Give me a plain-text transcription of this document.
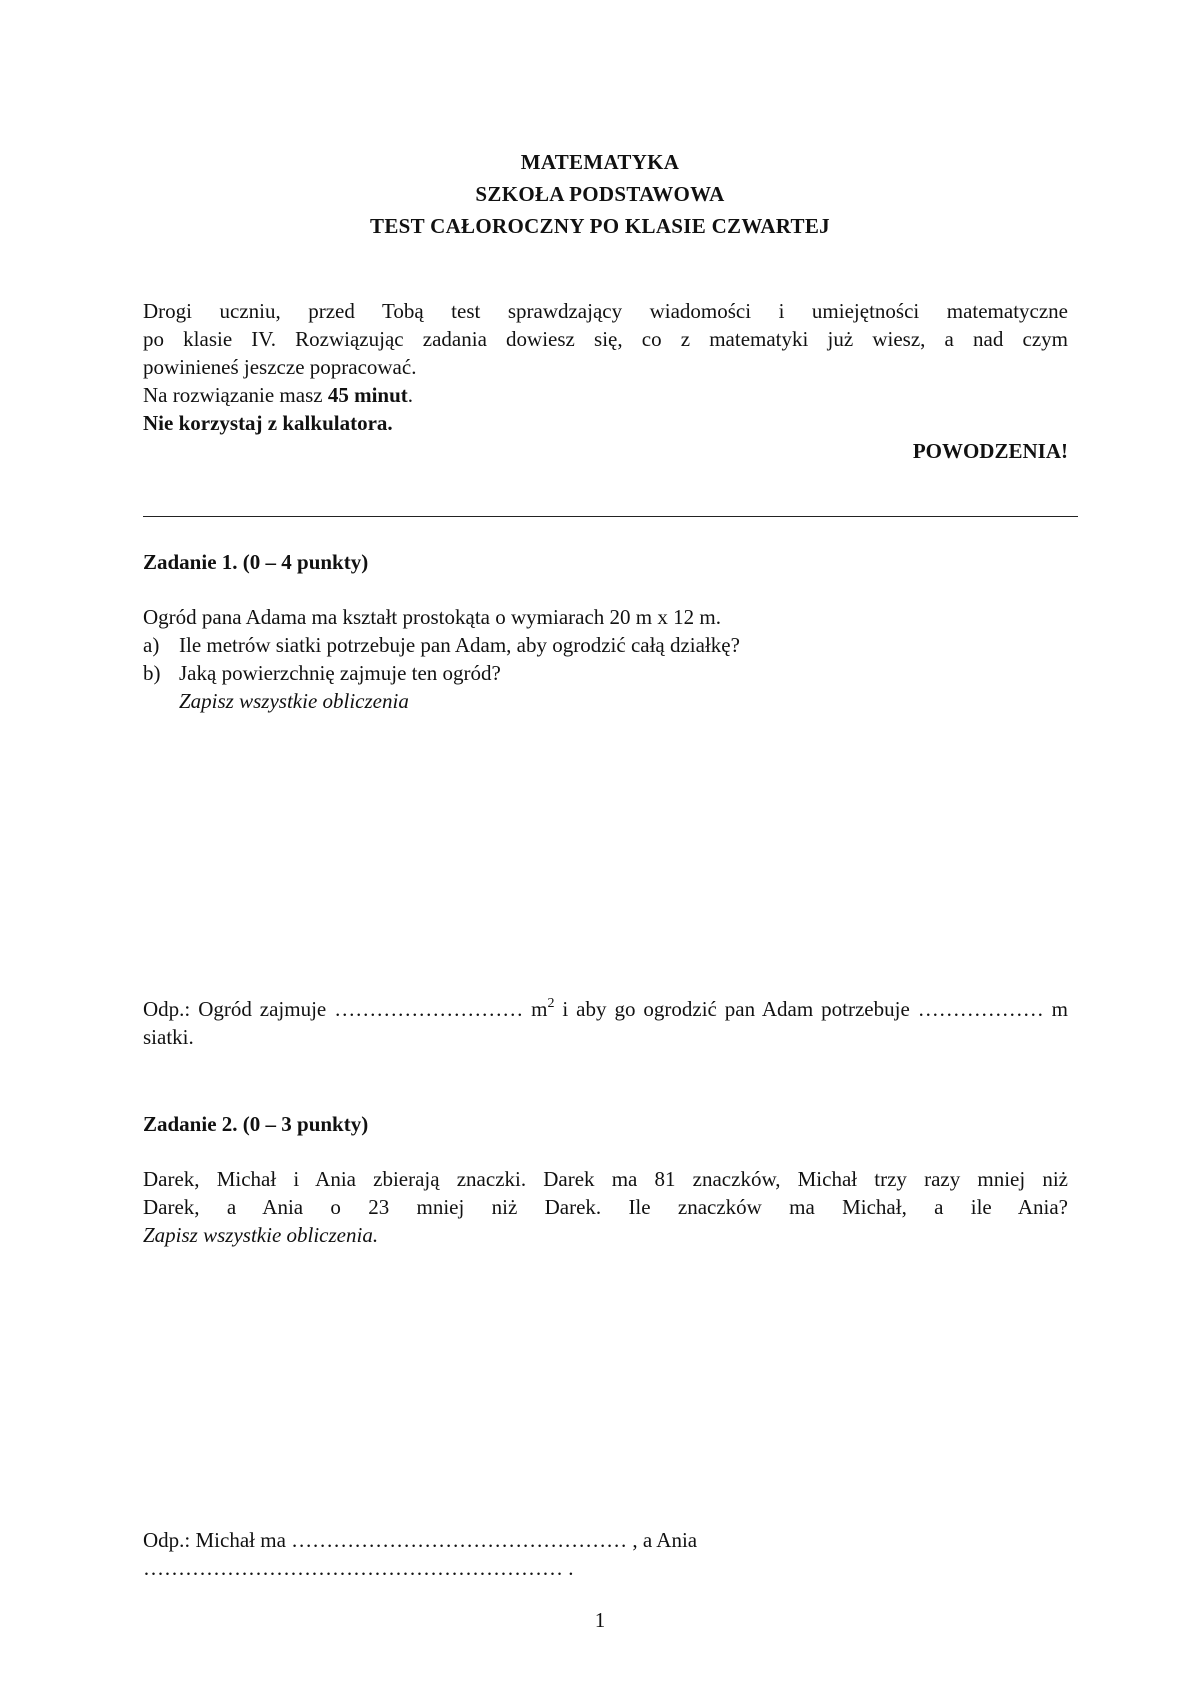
MATEMATYKA
SZKOŁA PODSTAWOWA
TEST CAŁOROCZNY PO KLASIE CZWARTEJ

Drogi uczniu, przed Tobą test sprawdzający wiadomości i umiejętności matematyczne

po klasie IV. Rozwiązując zadania dowiesz się, co z matematyki już wiesz, a nad czym

powinieneś jeszcze popracować.

Na rozwiązanie masz 45 minut.

Nie korzystaj z kalkulatora.

POWODZENIA!

Zadanie 1. (0 – 4 punkty)

Ogród pana Adama ma kształt prostokąta o wymiarach 20 m x 12 m.

a) Ile metrów siatki potrzebuje pan Adam, aby ogrodzić całą działkę?
b) Jaką powierzchnię zajmuje ten ogród?

Zapisz wszystkie obliczenia

Odp.: Ogród zajmuje ……………………… $m^2$ i aby go ogrodzić pan Adam potrzebuje ……………… m

siatki.

Zadanie 2. (0 – 3 punkty)

Darek, Michał i Ania zbierają znaczki. Darek ma 81 znaczków, Michał trzy razy mniej niż

Darek, a Ania o 23 mniej niż Darek. Ile znaczków ma Michał, a ile Ania?

Zapisz wszystkie obliczenia.

Odp.: Michał ma ………………………………………… , a Ania …………………………………………………… .

1
